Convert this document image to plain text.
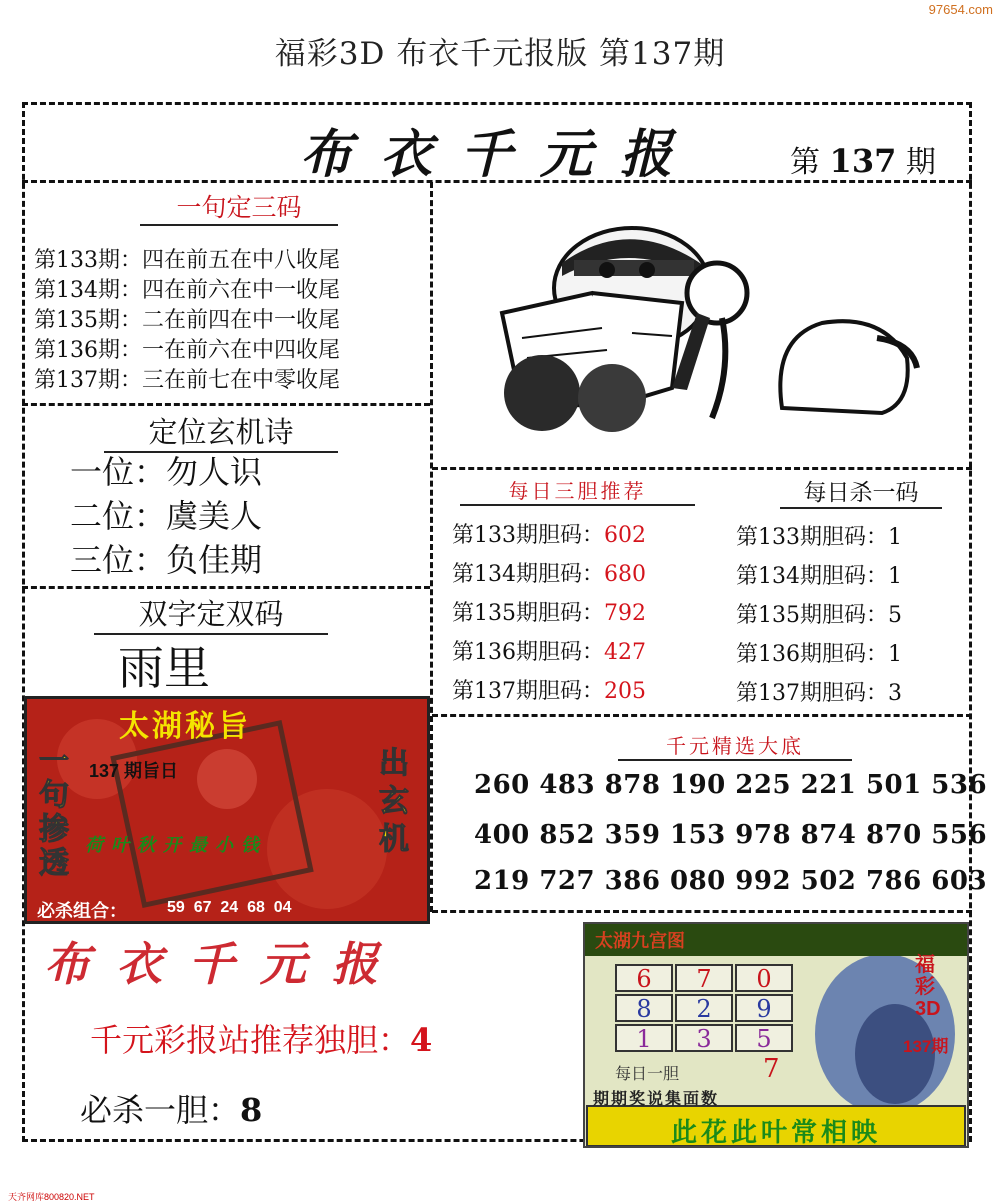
97654.com
福彩3D 布衣千元报版 第137期
布衣千元报	第 137 期
一句定三码
第133期：四在前五在中八收尾
第134期：四在前六在中一收尾
第135期：二在前四在中一收尾
第136期：一在前六在中四收尾
第137期：三在前七在中零收尾
定位玄机诗
一位：勿人识
二位：虞美人
三位：负佳期
双字定双码
雨里
每日三胆推荐
第133期胆码：602
第134期胆码：680
第135期胆码：792
第136期胆码：427
第137期胆码：205
每日杀一码
第133期胆码：1
第134期胆码：1
第135期胆码：5
第136期胆码：1
第137期胆码：3
千元精选大底
260 483 878 190 225 221 501 536
400 852 359 153 978 874 870 556
219 727 386 080 992 502 786 603
太湖秘旨
137 期旨日
一句掺透
出玄机
荷叶秋开最小钱
必杀组合：	59  67  24  68  04
布衣千元报
千元彩报站推荐独胆：4
必杀一胆：8
太湖九宫图
6	7	0
8	2	9
1	3	5
福彩3D
137期
每日一胆	7
期期奖说集面数
此花此叶常相映
天齐网库800820.NET
